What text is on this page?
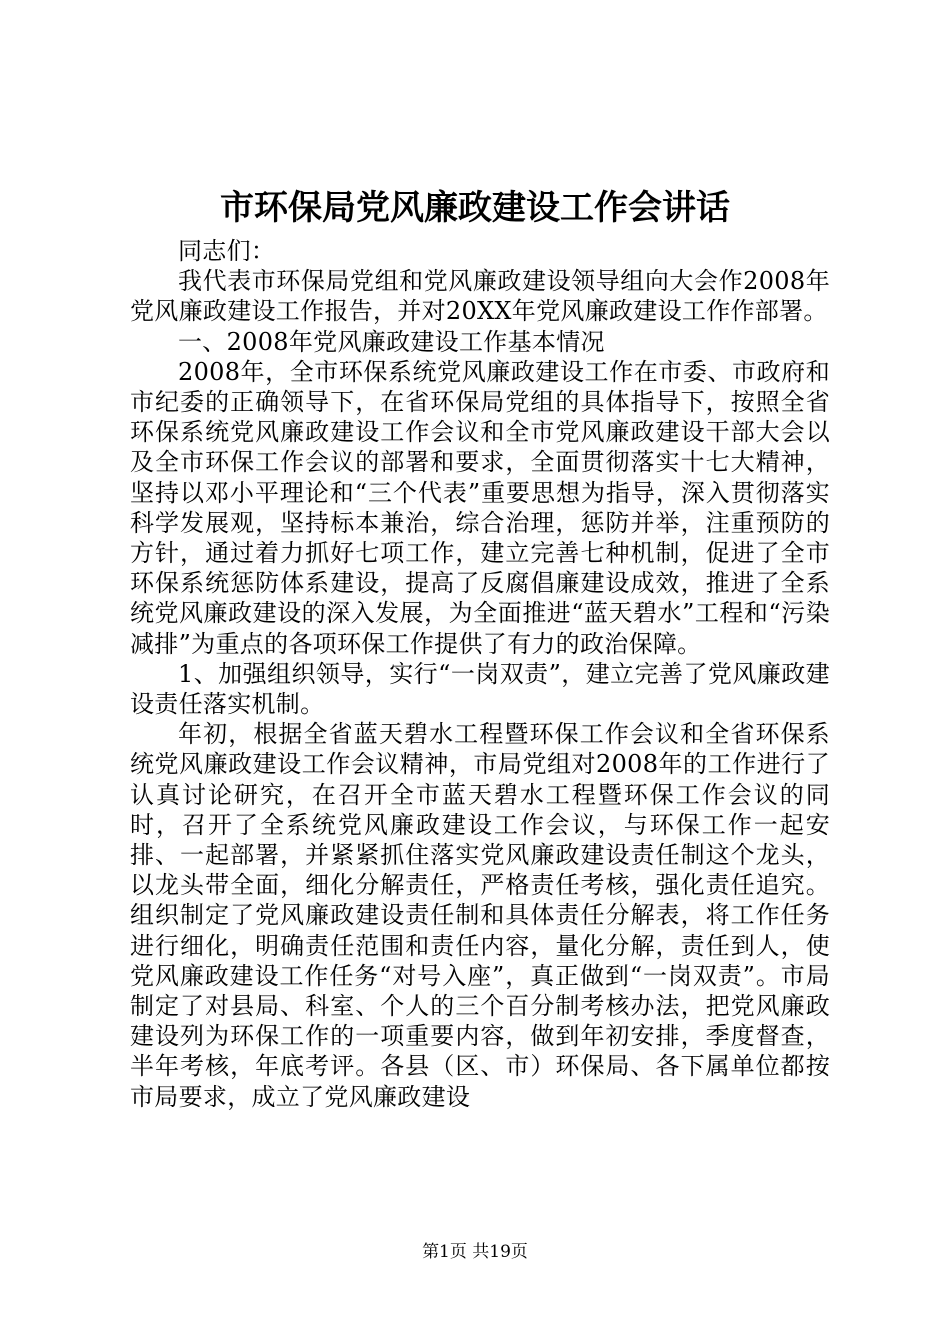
市环保局党风廉政建设工作会讲话

同志们：

我代表市环保局党组和党风廉政建设领导组向大会作2008年党风廉政建设工作报告，并对20XX年党风廉政建设工作作部署。

一、2008年党风廉政建设工作基本情况

2008年，全市环保系统党风廉政建设工作在市委、市政府和市纪委的正确领导下，在省环保局党组的具体指导下，按照全省环保系统党风廉政建设工作会议和全市党风廉政建设干部大会以及全市环保工作会议的部署和要求，全面贯彻落实十七大精神，坚持以邓小平理论和“三个代表”重要思想为指导，深入贯彻落实科学发展观，坚持标本兼治，综合治理，惩防并举，注重预防的方针，通过着力抓好七项工作，建立完善七种机制，促进了全市环保系统惩防体系建设，提高了反腐倡廉建设成效，推进了全系统党风廉政建设的深入发展，为全面推进“蓝天碧水”工程和“污染减排”为重点的各项环保工作提供了有力的政治保障。

1、加强组织领导，实行“一岗双责”，建立完善了党风廉政建设责任落实机制。

年初，根据全省蓝天碧水工程暨环保工作会议和全省环保系统党风廉政建设工作会议精神，市局党组对2008年的工作进行了认真讨论研究，在召开全市蓝天碧水工程暨环保工作会议的同时，召开了全系统党风廉政建设工作会议，与环保工作一起安排、一起部署，并紧紧抓住落实党风廉政建设责任制这个龙头，以龙头带全面，细化分解责任，严格责任考核，强化责任追究。组织制定了党风廉政建设责任制和具体责任分解表，将工作任务进行细化，明确责任范围和责任内容，量化分解，责任到人，使党风廉政建设工作任务“对号入座”，真正做到“一岗双责”。市局制定了对县局、科室、个人的三个百分制考核办法，把党风廉政建设列为环保工作的一项重要内容，做到年初安排，季度督查，半年考核，年底考评。各县（区、市）环保局、各下属单位都按市局要求，成立了党风廉政建设

第1页 共19页
